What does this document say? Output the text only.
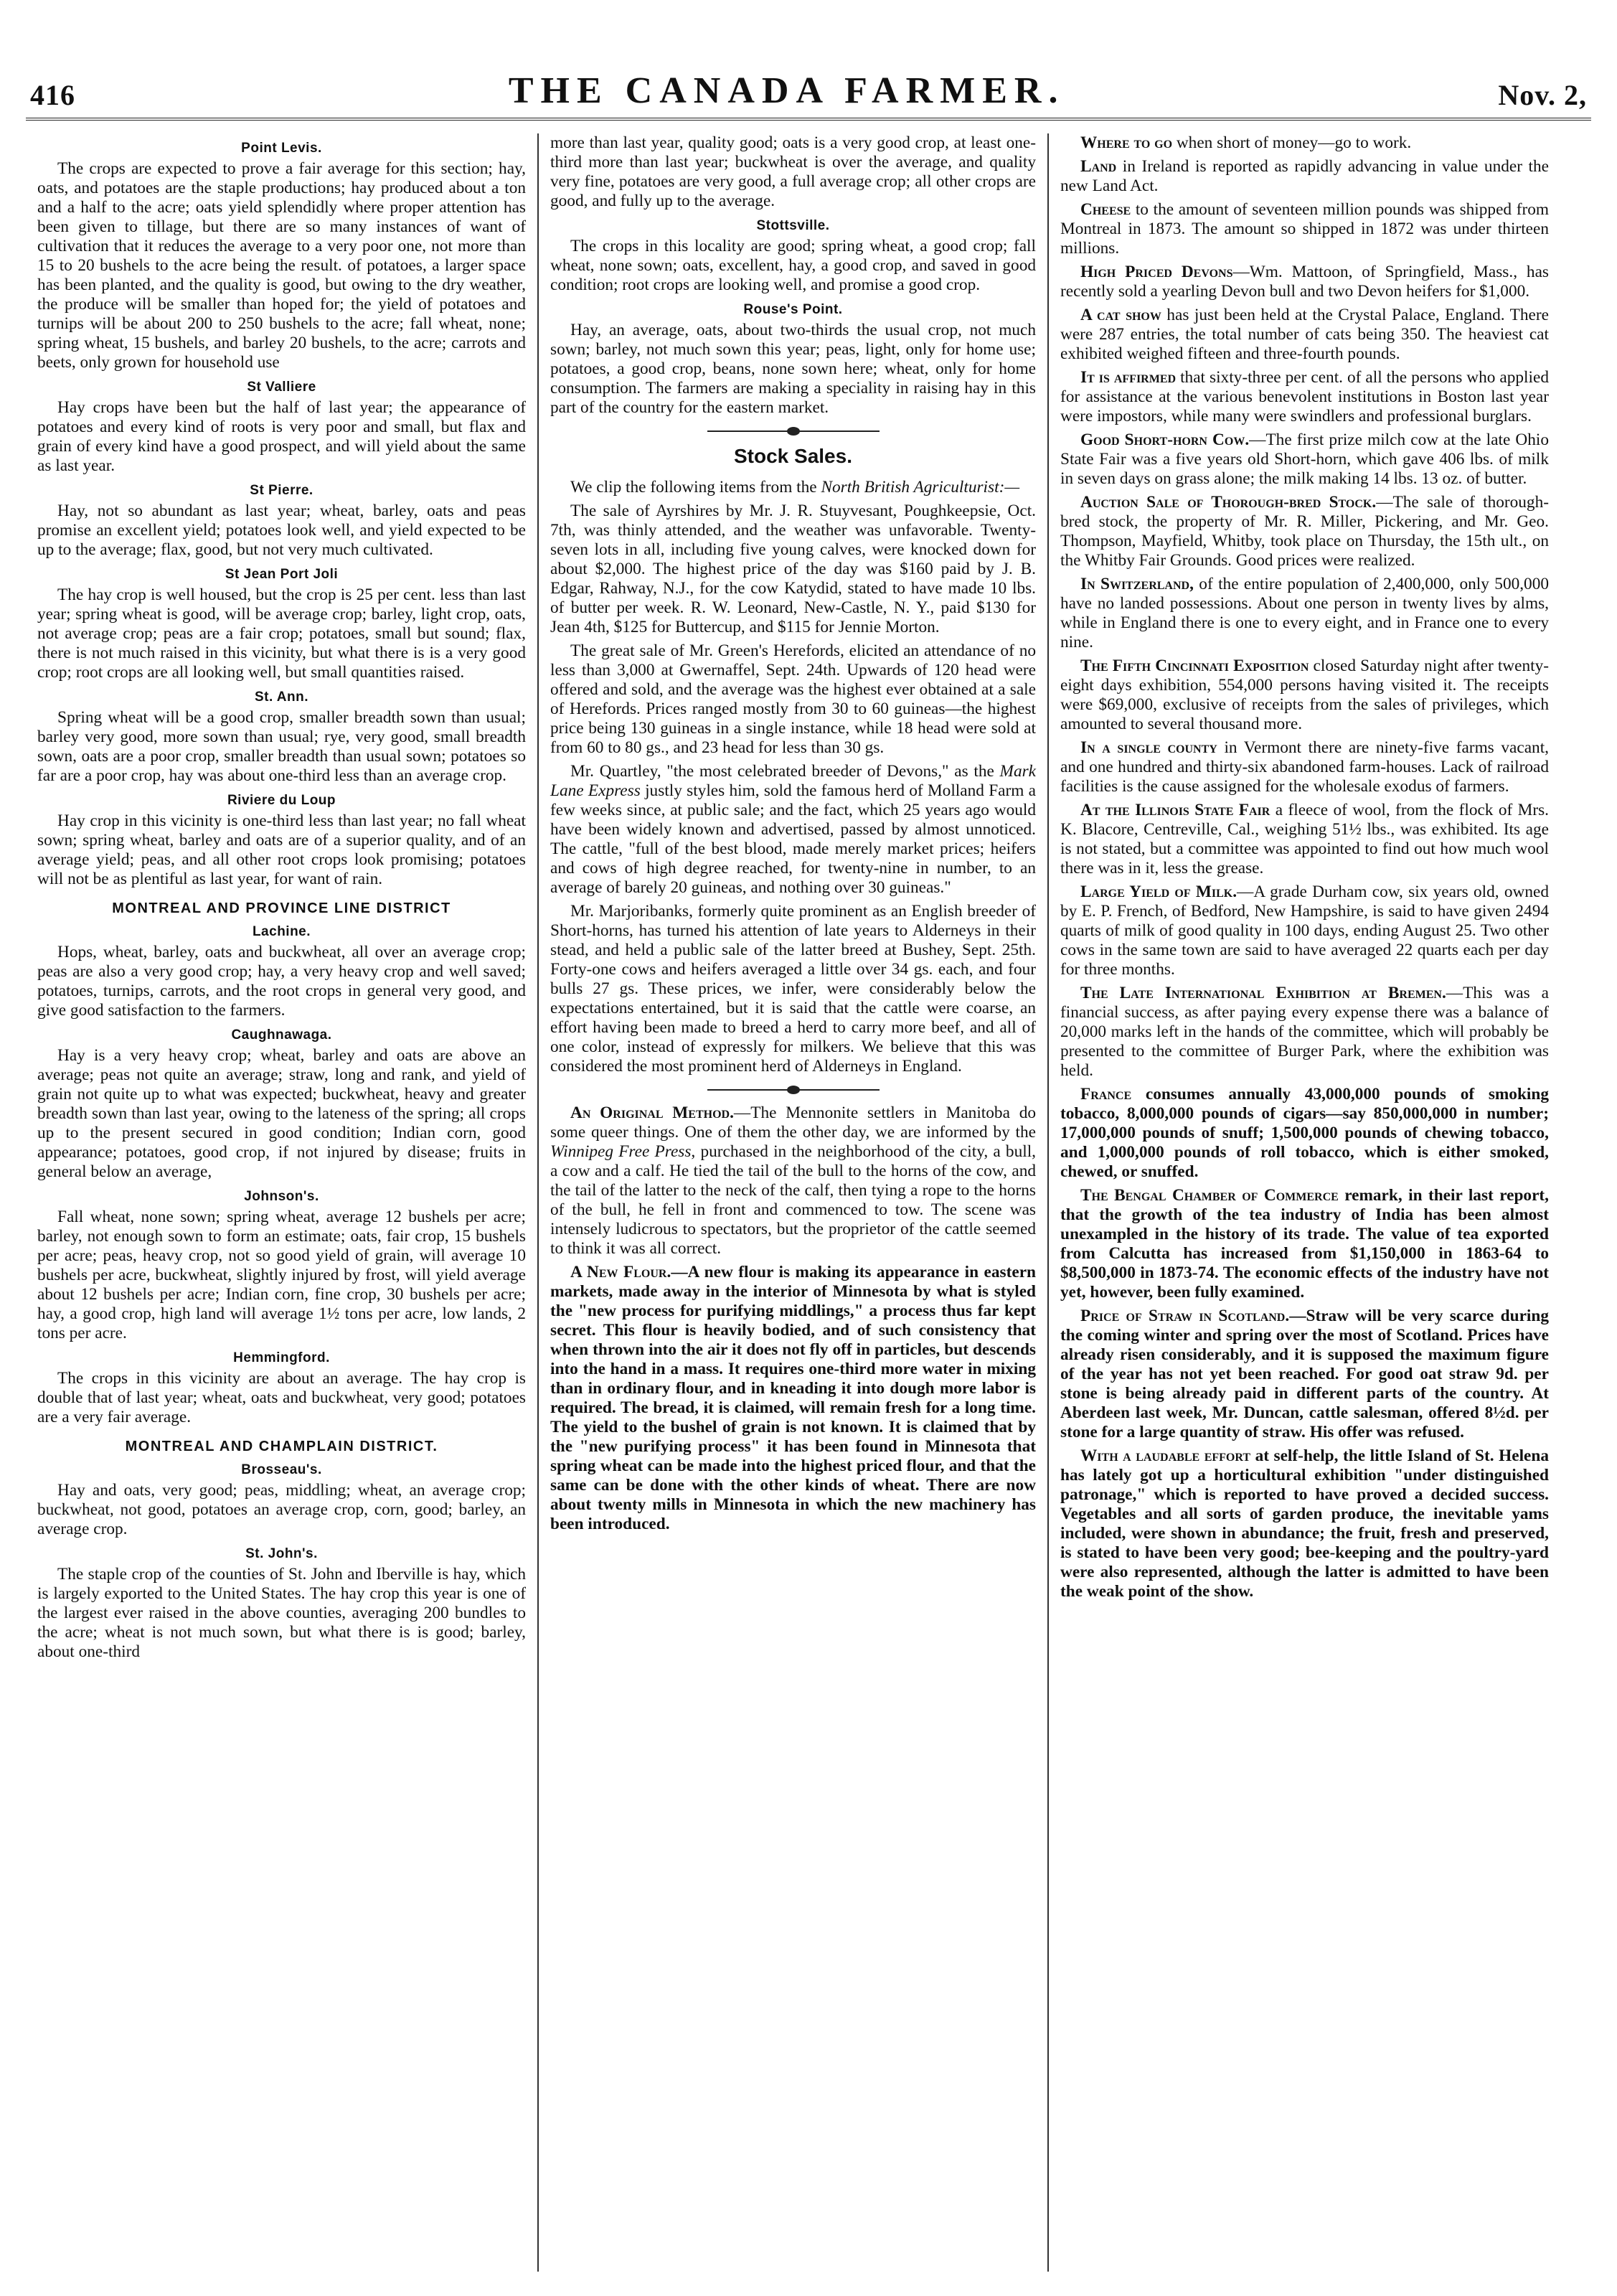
416	THE CANADA FARMER.	Nov. 2,
Point Levis.

The crops are expected to prove a fair average for this section; hay, oats, and potatoes are the staple productions; hay produced about a ton and a half to the acre; oats yield splendidly where proper attention has been given to tillage, but there are so many instances of want of cultivation that it reduces the average to a very poor one, not more than 15 to 20 bushels to the acre being the result. of potatoes, a larger space has been planted, and the quality is good, but owing to the dry weather, the produce will be smaller than hoped for; the yield of potatoes and turnips will be about 200 to 250 bushels to the acre; fall wheat, none; spring wheat, 15 bushels, and barley 20 bushels, to the acre; carrots and beets, only grown for household use

St Valliere

Hay crops have been but the half of last year; the appearance of potatoes and every kind of roots is very poor and small, but flax and grain of every kind have a good prospect, and will yield about the same as last year.

St Pierre.

Hay, not so abundant as last year; wheat, barley, oats and peas promise an excellent yield; potatoes look well, and yield expected to be up to the average; flax, good, but not very much cultivated.

St Jean Port Joli

The hay crop is well housed, but the crop is 25 per cent. less than last year; spring wheat is good, will be average crop; barley, light crop, oats, not average crop; peas are a fair crop; potatoes, small but sound; flax, there is not much raised in this vicinity, but what there is is a very good crop; root crops are all looking well, but small quantities raised.

St. Ann.

Spring wheat will be a good crop, smaller breadth sown than usual; barley very good, more sown than usual; rye, very good, small breadth sown, oats are a poor crop, smaller breadth than usual sown; potatoes so far are a poor crop, hay was about one-third less than an average crop.

Riviere du Loup

Hay crop in this vicinity is one-third less than last year; no fall wheat sown; spring wheat, barley and oats are of a superior quality, and of an average yield; peas, and all other root crops look promising; potatoes will not be as plentiful as last year, for want of rain.

MONTREAL AND PROVINCE LINE DISTRICT
Lachine.

Hops, wheat, barley, oats and buckwheat, all over an average crop; peas are also a very good crop; hay, a very heavy crop and well saved; potatoes, turnips, carrots, and the root crops in general very good, and give good satisfaction to the farmers.

Caughnawaga.

Hay is a very heavy crop; wheat, barley and oats are above an average; peas not quite an average; straw, long and rank, and yield of grain not quite up to what was expected; buckwheat, heavy and greater breadth sown than last year, owing to the lateness of the spring; all crops up to the present secured in good condition; Indian corn, good appearance; potatoes, good crop, if not injured by disease; fruits in general below an average,

Johnson's.

Fall wheat, none sown; spring wheat, average 12 bushels per acre; barley, not enough sown to form an estimate; oats, fair crop, 15 bushels per acre; peas, heavy crop, not so good yield of grain, will average 10 bushels per acre, buckwheat, slightly injured by frost, will yield average about 12 bushels per acre; Indian corn, fine crop, 30 bushels per acre; hay, a good crop, high land will average 1½ tons per acre, low lands, 2 tons per acre.

Hemmingford.

The crops in this vicinity are about an average. The hay crop is double that of last year; wheat, oats and buckwheat, very good; potatoes are a very fair average.

MONTREAL AND CHAMPLAIN DISTRICT.
Brosseau's.

Hay and oats, very good; peas, middling; wheat, an average crop; buckwheat, not good, potatoes an average crop, corn, good; barley, an average crop.

St. John's.

The staple crop of the counties of St. John and Iberville is hay, which is largely exported to the United States. The hay crop this year is one of the largest ever raised in the above counties, averaging 200 bundles to the acre; wheat is not much sown, but what there is is good; barley, about one-third

more than last year, quality good; oats is a very good crop, at least one-third more than last year; buckwheat is over the average, and quality very fine, potatoes are very good, a full average crop; all other crops are good, and fully up to the average.

Stottsville.

The crops in this locality are good; spring wheat, a good crop; fall wheat, none sown; oats, excellent, hay, a good crop, and saved in good condition; root crops are looking well, and promise a good crop.

Rouse's Point.

Hay, an average, oats, about two-thirds the usual crop, not much sown; barley, not much sown this year; peas, light, only for home use; potatoes, a good crop, beans, none sown here; wheat, only for home consumption. The farmers are making a speciality in raising hay in this part of the country for the eastern market.

Stock Sales.

We clip the following items from the North British Agriculturist:—

The sale of Ayrshires by Mr. J. R. Stuyvesant, Poughkeepsie, Oct. 7th, was thinly attended, and the weather was unfavorable. Twenty-seven lots in all, including five young calves, were knocked down for about $2,000. The highest price of the day was $160 paid by J. B. Edgar, Rahway, N.J., for the cow Katydid, stated to have made 10 lbs. of butter per week. R. W. Leonard, New-Castle, N. Y., paid $130 for Jean 4th, $125 for Buttercup, and $115 for Jennie Morton.

The great sale of Mr. Green's Herefords, elicited an attendance of no less than 3,000 at Gwernaffel, Sept. 24th. Upwards of 120 head were offered and sold, and the average was the highest ever obtained at a sale of Herefords. Prices ranged mostly from 30 to 60 guineas—the highest price being 130 guineas in a single instance, while 18 head were sold at from 60 to 80 gs., and 23 head for less than 30 gs.

Mr. Quartley, "the most celebrated breeder of Devons," as the Mark Lane Express justly styles him, sold the famous herd of Molland Farm a few weeks since, at public sale; and the fact, which 25 years ago would have been widely known and advertised, passed by almost unnoticed. The cattle, "full of the best blood, made merely market prices; heifers and cows of high degree reached, for twenty-nine in number, to an average of barely 20 guineas, and nothing over 30 guineas."

Mr. Marjoribanks, formerly quite prominent as an English breeder of Short-horns, has turned his attention of late years to Alderneys in their stead, and held a public sale of the latter breed at Bushey, Sept. 25th. Forty-one cows and heifers averaged a little over 34 gs. each, and four bulls 27 gs. These prices, we infer, were considerably below the expectations entertained, but it is said that the cattle were coarse, an effort having been made to breed a herd to carry more beef, and all of one color, instead of expressly for milkers. We believe that this was considered the most prominent herd of Alderneys in England.

An Original Method.—The Mennonite settlers in Manitoba do some queer things. One of them the other day, we are informed by the Winnipeg Free Press, purchased in the neighborhood of the city, a bull, a cow and a calf. He tied the tail of the bull to the horns of the cow, and the tail of the latter to the neck of the calf, then tying a rope to the horns of the bull, he fell in front and commenced to tow. The scene was intensely ludicrous to spectators, but the proprietor of the cattle seemed to think it was all correct.

A New Flour.—A new flour is making its appearance in eastern markets, made away in the interior of Minnesota by what is styled the "new process for purifying middlings," a process thus far kept secret. This flour is heavily bodied, and of such consistency that when thrown into the air it does not fly off in particles, but descends into the hand in a mass. It requires one-third more water in mixing than in ordinary flour, and in kneading it into dough more labor is required. The bread, it is claimed, will remain fresh for a long time. The yield to the bushel of grain is not known. It is claimed that by the "new purifying process" it has been found in Minnesota that spring wheat can be made into the highest priced flour, and that the same can be done with the other kinds of wheat. There are now about twenty mills in Minnesota in which the new machinery has been introduced.

Where to go when short of money—go to work.

Land in Ireland is reported as rapidly advancing in value under the new Land Act.

Cheese to the amount of seventeen million pounds was shipped from Montreal in 1873. The amount so shipped in 1872 was under thirteen millions.

High Priced Devons—Wm. Mattoon, of Springfield, Mass., has recently sold a yearling Devon bull and two Devon heifers for $1,000.

A cat show has just been held at the Crystal Palace, England. There were 287 entries, the total number of cats being 350. The heaviest cat exhibited weighed fifteen and three-fourth pounds.

It is affirmed that sixty-three per cent. of all the persons who applied for assistance at the various benevolent institutions in Boston last year were impostors, while many were swindlers and professional burglars.

Good Short-horn Cow.—The first prize milch cow at the late Ohio State Fair was a five years old Short-horn, which gave 406 lbs. of milk in seven days on grass alone; the milk making 14 lbs. 13 oz. of butter.

Auction Sale of Thorough-bred Stock.—The sale of thorough-bred stock, the property of Mr. R. Miller, Pickering, and Mr. Geo. Thompson, Mayfield, Whitby, took place on Thursday, the 15th ult., on the Whitby Fair Grounds. Good prices were realized.

In Switzerland, of the entire population of 2,400,000, only 500,000 have no landed possessions. About one person in twenty lives by alms, while in England there is one to every eight, and in France one to every nine.

The Fifth Cincinnati Exposition closed Saturday night after twenty-eight days exhibition, 554,000 persons having visited it. The receipts were $69,000, exclusive of receipts from the sales of privileges, which amounted to several thousand more.

In a single county in Vermont there are ninety-five farms vacant, and one hundred and thirty-six abandoned farm-houses. Lack of railroad facilities is the cause assigned for the wholesale exodus of farmers.

At the Illinois State Fair a fleece of wool, from the flock of Mrs. K. Blacore, Centreville, Cal., weighing 51½ lbs., was exhibited. Its age is not stated, but a committee was appointed to find out how much wool there was in it, less the grease.

Large Yield of Milk.—A grade Durham cow, six years old, owned by E. P. French, of Bedford, New Hampshire, is said to have given 2494 quarts of milk of good quality in 100 days, ending August 25. Two other cows in the same town are said to have averaged 22 quarts each per day for three months.

The Late International Exhibition at Bremen.—This was a financial success, as after paying every expense there was a balance of 20,000 marks left in the hands of the committee, which will probably be presented to the committee of Burger Park, where the exhibition was held.

France consumes annually 43,000,000 pounds of smoking tobacco, 8,000,000 pounds of cigars—say 850,000,000 in number; 17,000,000 pounds of snuff; 1,500,000 pounds of chewing tobacco, and 1,000,000 pounds of roll tobacco, which is either smoked, chewed, or snuffed.

The Bengal Chamber of Commerce remark, in their last report, that the growth of the tea industry of India has been almost unexampled in the history of its trade. The value of tea exported from Calcutta has increased from $1,150,000 in 1863-64 to $8,500,000 in 1873-74. The economic effects of the industry have not yet, however, been fully examined.

Price of Straw in Scotland.—Straw will be very scarce during the coming winter and spring over the most of Scotland. Prices have already risen considerably, and it is supposed the maximum figure of the year has not yet been reached. For good oat straw 9d. per stone is being already paid in different parts of the country. At Aberdeen last week, Mr. Duncan, cattle salesman, offered 8½d. per stone for a large quantity of straw. His offer was refused.

With a laudable effort at self-help, the little Island of St. Helena has lately got up a horticultural exhibition "under distinguished patronage," which is reported to have proved a decided success. Vegetables and all sorts of garden produce, the inevitable yams included, were shown in abundance; the fruit, fresh and preserved, is stated to have been very good; bee-keeping and the poultry-yard were also represented, although the latter is admitted to have been the weak point of the show.
